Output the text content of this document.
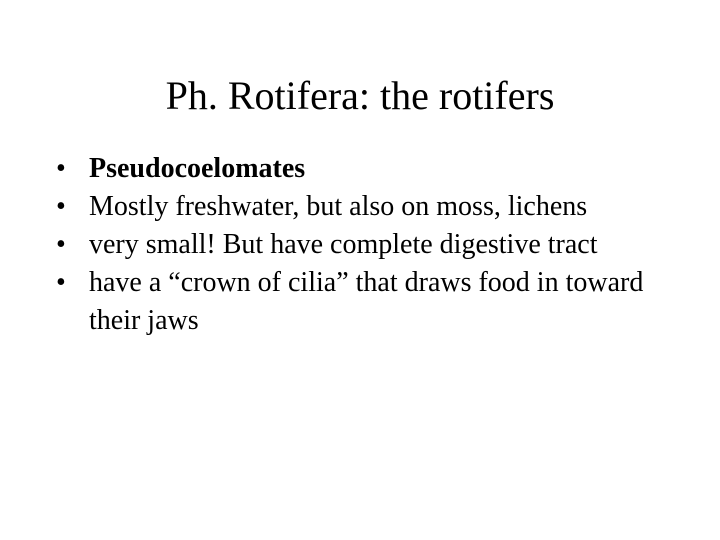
Ph. Rotifera: the rotifers
• Pseudocoelomates
• Mostly freshwater, but also on moss, lichens
• very small! But have complete digestive tract
• have a “crown of cilia” that draws food in toward their jaws
